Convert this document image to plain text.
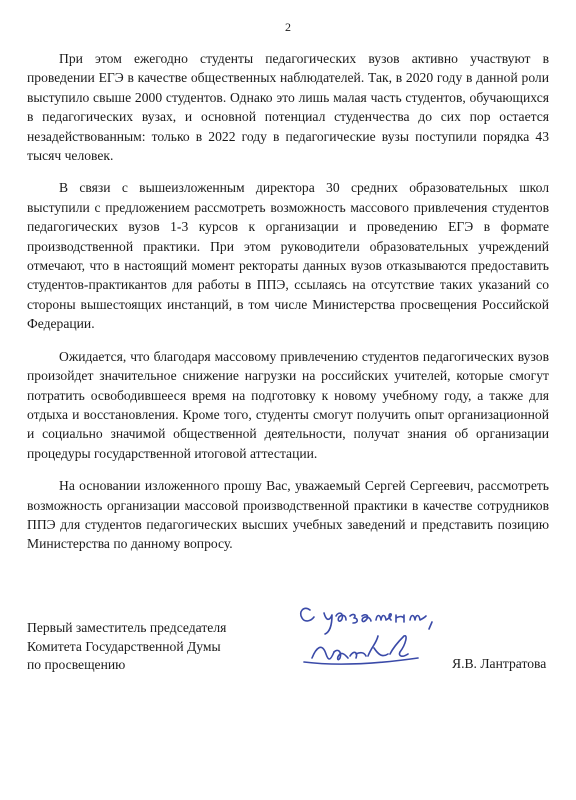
2

При этом ежегодно студенты педагогических вузов активно участвуют в проведении ЕГЭ в качестве общественных наблюдателей. Так, в 2020 году в данной роли выступило свыше 2000 студентов. Однако это лишь малая часть студентов, обучающихся в педагогических вузах, и основной потенциал студенчества до сих пор остается незадействованным: только в 2022 году в педагогические вузы поступили порядка 43 тысяч человек.

В связи с вышеизложенным директора 30 средних образовательных школ выступили с предложением рассмотреть возможность массового привлечения студентов педагогических вузов 1-3 курсов к организации и проведению ЕГЭ в формате производственной практики. При этом руководители образовательных учреждений отмечают, что в настоящий момент ректораты данных вузов отказываются предоставить студентов-практикантов для работы в ППЭ, ссылаясь на отсутствие таких указаний со стороны вышестоящих инстанций, в том числе Министерства просвещения Российской Федерации.

Ожидается, что благодаря массовому привлечению студентов педагогических вузов произойдет значительное снижение нагрузки на российских учителей, которые смогут потратить освободившееся время на подготовку к новому учебному году, а также для отдыха и восстановления. Кроме того, студенты смогут получить опыт организационной и социально значимой общественной деятельности, получат знания об организации процедуры государственной итоговой аттестации.

На основании изложенного прошу Вас, уважаемый Сергей Сергеевич, рассмотреть возможность организации массовой производственной практики в качестве сотрудников ППЭ для студентов педагогических высших учебных заведений и представить позицию Министерства по данному вопросу.

Первый заместитель председателя
Комитета Государственной Думы
по просвещению	Я.В. Лантратова
